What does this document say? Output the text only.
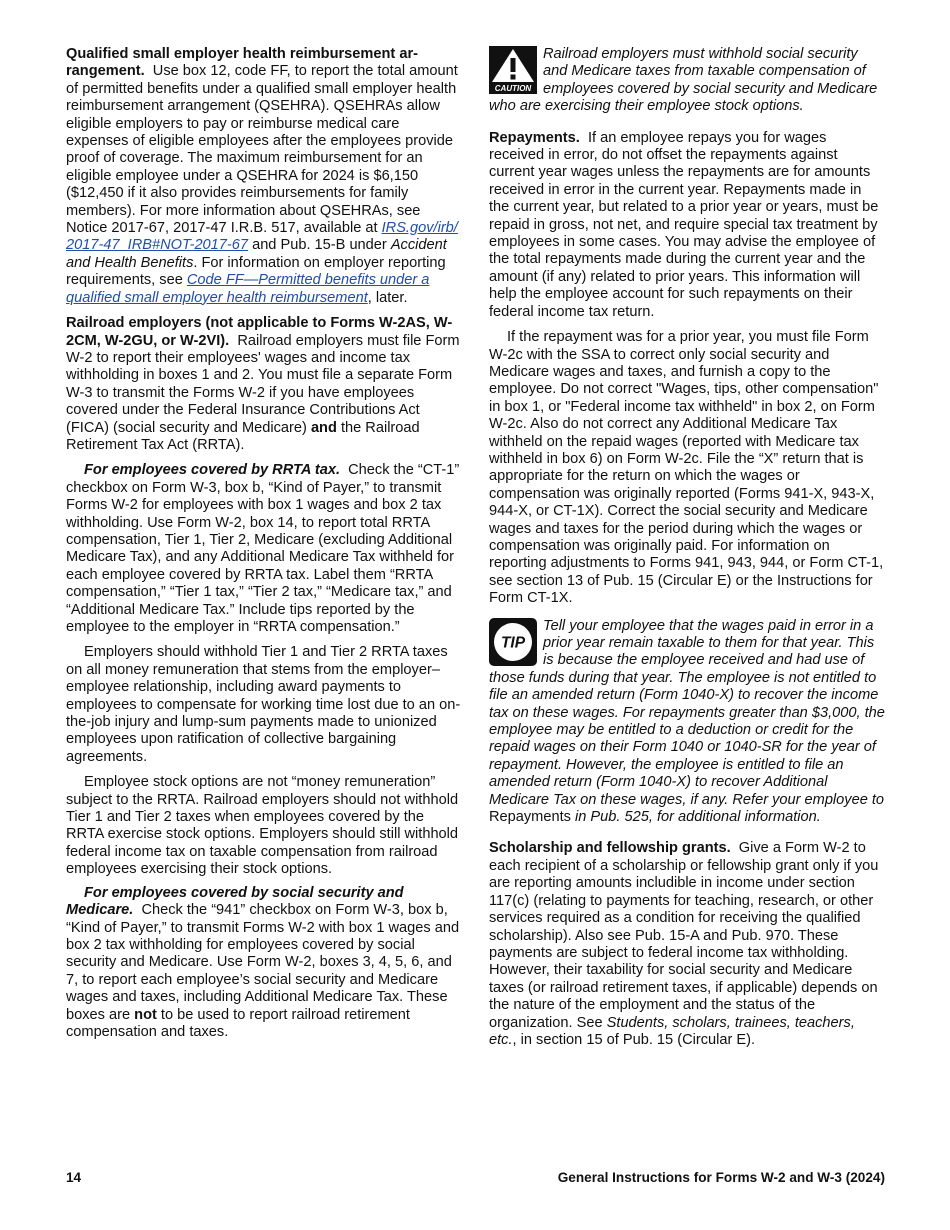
Qualified small employer health reimbursement ar-rangement. Use box 12, code FF, to report the total amount of permitted benefits under a qualified small employer health reimbursement arrangement (QSEHRA). QSEHRAs allow eligible employers to pay or reimburse medical care expenses of eligible employees after the employees provide proof of coverage. The maximum reimbursement for an eligible employee under a QSEHRA for 2024 is $6,150 ($12,450 if it also provides reimbursements for family members). For more information about QSEHRAs, see Notice 2017-67, 2017-47 I.R.B. 517, available at IRS.gov/irb/ 2017-47_IRB#NOT-2017-67 and Pub. 15-B under Accident and Health Benefits. For information on employer reporting requirements, see Code FF—Permitted benefits under a qualified small employer health reimbursement, later.

Railroad employers (not applicable to Forms W-2AS, W-2CM, W-2GU, or W-2VI). Railroad employers must file Form W-2 to report their employees' wages and income tax withholding in boxes 1 and 2. You must file a separate Form W-3 to transmit the Forms W-2 if you have employees covered under the Federal Insurance Contributions Act (FICA) (social security and Medicare) and the Railroad Retirement Tax Act (RRTA).

For employees covered by RRTA tax. Check the “CT-1” checkbox on Form W-3, box b, “Kind of Payer,” to transmit Forms W-2 for employees with box 1 wages and box 2 tax withholding. Use Form W-2, box 14, to report total RRTA compensation, Tier 1, Tier 2, Medicare (excluding Additional Medicare Tax), and any Additional Medicare Tax withheld for each employee covered by RRTA tax. Label them “RRTA compensation,” “Tier 1 tax,” “Tier 2 tax,” “Medicare tax,” and “Additional Medicare Tax.” Include tips reported by the employee to the employer in “RRTA compensation.”

Employers should withhold Tier 1 and Tier 2 RRTA taxes on all money remuneration that stems from the employer–employee relationship, including award payments to employees to compensate for working time lost due to an on-the-job injury and lump-sum payments made to unionized employees upon ratification of collective bargaining agreements.

Employee stock options are not “money remuneration” subject to the RRTA. Railroad employers should not withhold Tier 1 and Tier 2 taxes when employees covered by the RRTA exercise stock options. Employers should still withhold federal income tax on taxable compensation from railroad employees exercising their stock options.

For employees covered by social security and Medicare. Check the “941” checkbox on Form W-3, box b, “Kind of Payer,” to transmit Forms W-2 with box 1 wages and box 2 tax withholding for employees covered by social security and Medicare. Use Form W-2, boxes 3, 4, 5, 6, and 7, to report each employee’s social security and Medicare wages and taxes, including Additional Medicare Tax. These boxes are not to be used to report railroad retirement compensation and taxes.

CAUTION
Railroad employers must withhold social security and Medicare taxes from taxable compensation of employees covered by social security and Medicare who are exercising their employee stock options.

Repayments. If an employee repays you for wages received in error, do not offset the repayments against current year wages unless the repayments are for amounts received in error in the current year. Repayments made in the current year, but related to a prior year or years, must be repaid in gross, not net, and require special tax treatment by employees in some cases. You may advise the employee of the total repayments made during the current year and the amount (if any) related to prior years. This information will help the employee account for such repayments on their federal income tax return.

If the repayment was for a prior year, you must file Form W-2c with the SSA to correct only social security and Medicare wages and taxes, and furnish a copy to the employee. Do not correct "Wages, tips, other compensation" in box 1, or "Federal income tax withheld" in box 2, on Form W-2c. Also do not correct any Additional Medicare Tax withheld on the repaid wages (reported with Medicare tax withheld in box 6) on Form W-2c. File the “X” return that is appropriate for the return on which the wages or compensation was originally reported (Forms 941-X, 943-X, 944-X, or CT-1X). Correct the social security and Medicare wages and taxes for the period during which the wages or compensation was originally paid. For information on reporting adjustments to Forms 941, 943, 944, or Form CT-1, see section 13 of Pub. 15 (Circular E) or the Instructions for Form CT-1X.

TIP
Tell your employee that the wages paid in error in a prior year remain taxable to them for that year. This is because the employee received and had use of those funds during that year. The employee is not entitled to file an amended return (Form 1040-X) to recover the income tax on these wages. For repayments greater than $3,000, the employee may be entitled to a deduction or credit for the repaid wages on their Form 1040 or 1040-SR for the year of repayment. However, the employee is entitled to file an amended return (Form 1040-X) to recover Additional Medicare Tax on these wages, if any. Refer your employee to Repayments in Pub. 525, for additional information.

Scholarship and fellowship grants. Give a Form W-2 to each recipient of a scholarship or fellowship grant only if you are reporting amounts includible in income under section 117(c) (relating to payments for teaching, research, or other services required as a condition for receiving the qualified scholarship). Also see Pub. 15-A and Pub. 970. These payments are subject to federal income tax withholding. However, their taxability for social security and Medicare taxes (or railroad retirement taxes, if applicable) depends on the nature of the employment and the status of the organization. See Students, scholars, trainees, teachers, etc., in section 15 of Pub. 15 (Circular E).

14	General Instructions for Forms W-2 and W-3 (2024)
